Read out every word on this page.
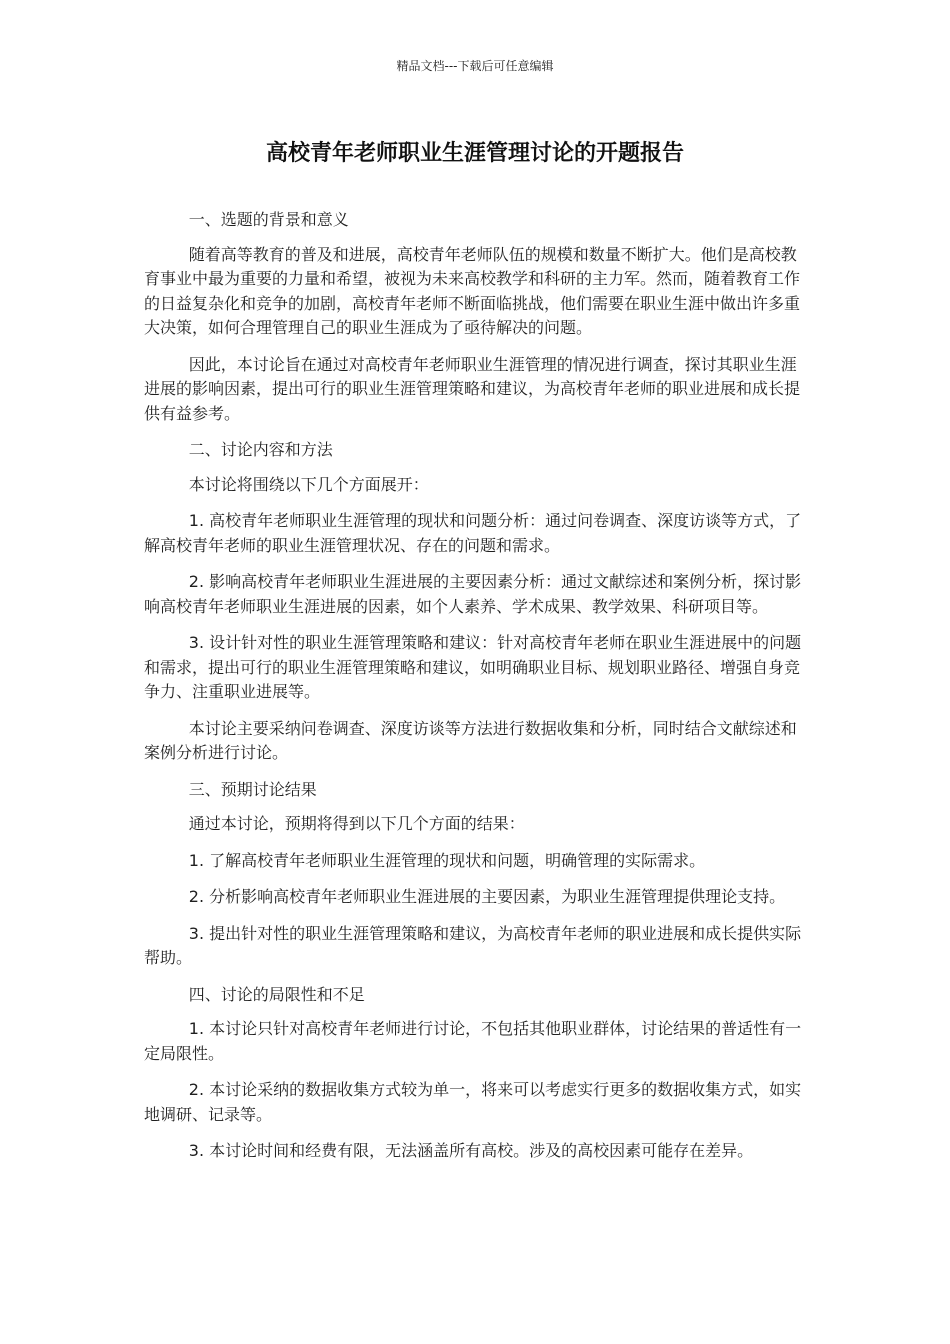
精品文档---下载后可任意编辑
高校青年老师职业生涯管理讨论的开题报告

一、选题的背景和意义

随着高等教育的普及和进展，高校青年老师队伍的规模和数量不断扩大。他们是高校教育事业中最为重要的力量和希望，被视为未来高校教学和科研的主力军。然而，随着教育工作的日益复杂化和竞争的加剧，高校青年老师不断面临挑战，他们需要在职业生涯中做出许多重大决策，如何合理管理自己的职业生涯成为了亟待解决的问题。

因此，本讨论旨在通过对高校青年老师职业生涯管理的情况进行调查，探讨其职业生涯进展的影响因素，提出可行的职业生涯管理策略和建议，为高校青年老师的职业进展和成长提供有益参考。

二、讨论内容和方法

本讨论将围绕以下几个方面展开：

1. 高校青年老师职业生涯管理的现状和问题分析：通过问卷调查、深度访谈等方式，了解高校青年老师的职业生涯管理状况、存在的问题和需求。

2. 影响高校青年老师职业生涯进展的主要因素分析：通过文献综述和案例分析，探讨影响高校青年老师职业生涯进展的因素，如个人素养、学术成果、教学效果、科研项目等。

3. 设计针对性的职业生涯管理策略和建议：针对高校青年老师在职业生涯进展中的问题和需求，提出可行的职业生涯管理策略和建议，如明确职业目标、规划职业路径、增强自身竞争力、注重职业进展等。

本讨论主要采纳问卷调查、深度访谈等方法进行数据收集和分析，同时结合文献综述和案例分析进行讨论。

三、预期讨论结果

通过本讨论，预期将得到以下几个方面的结果：

1. 了解高校青年老师职业生涯管理的现状和问题，明确管理的实际需求。

2. 分析影响高校青年老师职业生涯进展的主要因素，为职业生涯管理提供理论支持。

3. 提出针对性的职业生涯管理策略和建议，为高校青年老师的职业进展和成长提供实际帮助。

四、讨论的局限性和不足

1. 本讨论只针对高校青年老师进行讨论，不包括其他职业群体，讨论结果的普适性有一定局限性。

2. 本讨论采纳的数据收集方式较为单一，将来可以考虑实行更多的数据收集方式，如实地调研、记录等。

3. 本讨论时间和经费有限，无法涵盖所有高校。涉及的高校因素可能存在差异。
